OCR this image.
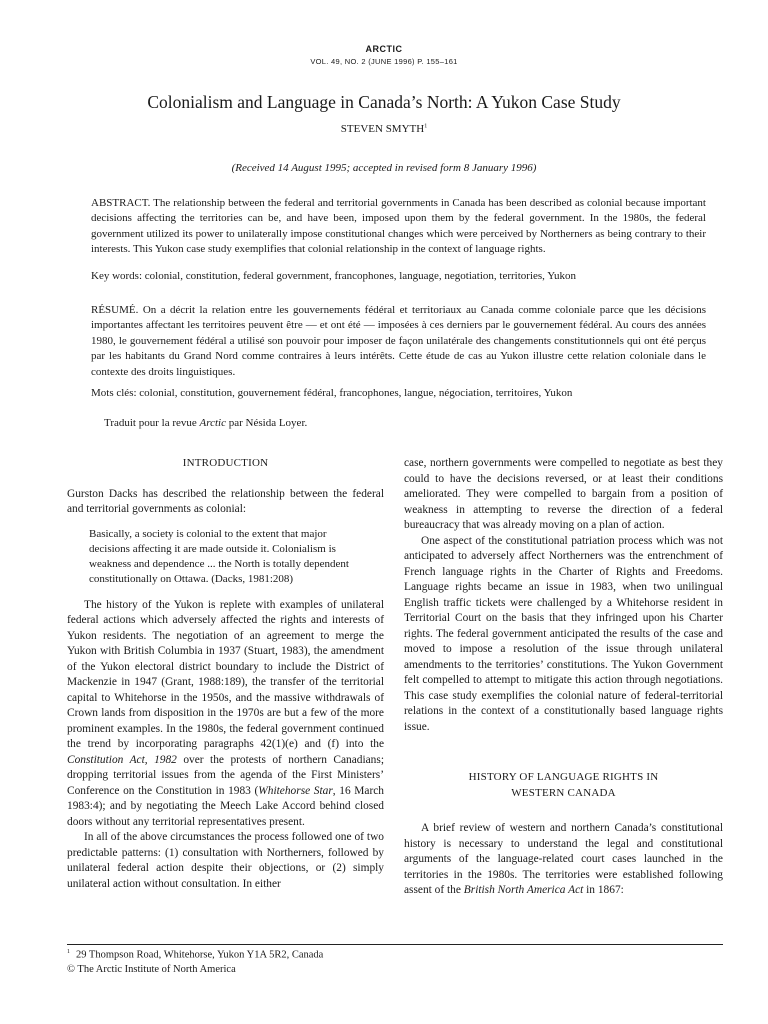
ARCTIC
VOL. 49, NO. 2 (JUNE 1996) P. 155–161
Colonialism and Language in Canada’s North: A Yukon Case Study
STEVEN SMYTH$^1$
(Received 14 August 1995; accepted in revised form 8 January 1996)
ABSTRACT. The relationship between the federal and territorial governments in Canada has been described as colonial because important decisions affecting the territories can be, and have been, imposed upon them by the federal government. In the 1980s, the federal government utilized its power to unilaterally impose constitutional changes which were perceived by Northerners as being contrary to their interests. This Yukon case study exemplifies that colonial relationship in the context of language rights.
Key words: colonial, constitution, federal government, francophones, language, negotiation, territories, Yukon
RÉSUMÉ. On a décrit la relation entre les gouvernements fédéral et territoriaux au Canada comme coloniale parce que les décisions importantes affectant les territoires peuvent être — et ont été — imposées à ces derniers par le gouvernement fédéral. Au cours des années 1980, le gouvernement fédéral a utilisé son pouvoir pour imposer de façon unilatérale des changements constitutionnels qui ont été perçus par les habitants du Grand Nord comme contraires à leurs intérêts. Cette étude de cas au Yukon illustre cette relation coloniale dans le contexte des droits linguistiques.
Mots clés: colonial, constitution, gouvernement fédéral, francophones, langue, négociation, territoires, Yukon
Traduit pour la revue Arctic par Nésida Loyer.
INTRODUCTION

Gurston Dacks has described the relationship between the federal and territorial governments as colonial:

Basically, a society is colonial to the extent that major decisions affecting it are made outside it. Colonialism is weakness and dependence ... the North is totally dependent constitutionally on Ottawa. (Dacks, 1981:208)

The history of the Yukon is replete with examples of unilateral federal actions which adversely affected the rights and interests of Yukon residents. The negotiation of an agreement to merge the Yukon with British Columbia in 1937 (Stuart, 1983), the amendment of the Yukon electoral district boundary to include the District of Mackenzie in 1947 (Grant, 1988:189), the transfer of the territorial capital to Whitehorse in the 1950s, and the massive withdrawals of Crown lands from disposition in the 1970s are but a few of the more prominent examples. In the 1980s, the federal government continued the trend by incorporating paragraphs 42(1)(e) and (f) into the Constitution Act, 1982 over the protests of northern Canadians; dropping territorial issues from the agenda of the First Ministers’ Conference on the Constitution in 1983 (Whitehorse Star, 16 March 1983:4); and by negotiating the Meech Lake Accord behind closed doors without any territorial representatives present.

In all of the above circumstances the process followed one of two predictable patterns: (1) consultation with Northerners, followed by unilateral federal action despite their objections, or (2) simply unilateral action without consultation. In either

case, northern governments were compelled to negotiate as best they could to have the decisions reversed, or at least their conditions ameliorated. They were compelled to bargain from a position of weakness in attempting to reverse the direction of a federal bureaucracy that was already moving on a plan of action.

One aspect of the constitutional patriation process which was not anticipated to adversely affect Northerners was the entrenchment of French language rights in the Charter of Rights and Freedoms. Language rights became an issue in 1983, when two unilingual English traffic tickets were challenged by a Whitehorse resident in Territorial Court on the basis that they infringed upon his Charter rights. The federal government anticipated the results of the case and moved to impose a resolution of the issue through unilateral amendments to the territories’ constitutions. The Yukon Government felt compelled to attempt to mitigate this action through negotiations. This case study exemplifies the colonial nature of federal-territorial relations in the context of a constitutionally based language rights issue.

HISTORY OF LANGUAGE RIGHTS IN
WESTERN CANADA

A brief review of western and northern Canada’s constitutional history is necessary to understand the legal and constitutional arguments of the language-related court cases launched in the territories in the 1980s. The territories were established following assent of the British North America Act in 1867:

$^1$ 29 Thompson Road, Whitehorse, Yukon Y1A 5R2, Canada
© The Arctic Institute of North America
